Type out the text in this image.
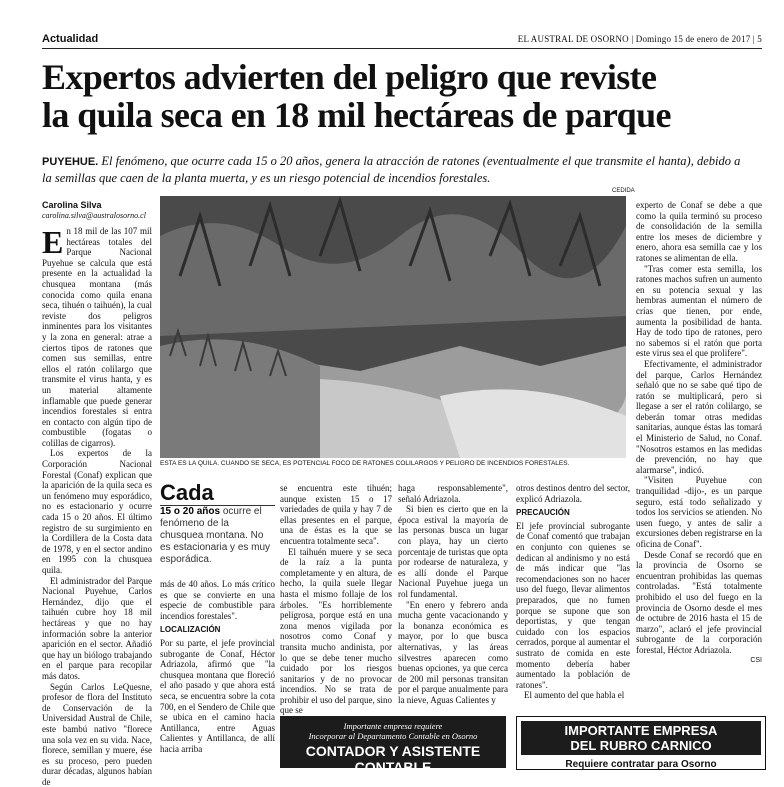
Actualidad	EL AUSTRAL DE OSORNO | Domingo 15 de enero de 2017 | 5
Expertos advierten del peligro que reviste
la quila seca en 18 mil hectáreas de parque
PUYEHUE. El fenómeno, que ocurre cada 15 o 20 años, genera la atracción de ratones (eventualmente el que transmite el hanta), debido a la semillas que caen de la planta muerta, y es un riesgo potencial de incendios forestales.
Carolina Silva
carolina.silva@australosorno.cl
CEDIDA
ESTA ES LA QUILA. CUANDO SE SECA, ES POTENCIAL FOCO DE RATONES COLILARGOS Y PELIGRO DE INCENDIOS FORESTALES.

En 18 mil de las 107 mil hectáreas totales del Parque Nacional Puyehue se calcula que está presente en la actualidad la chusquea montana (más conocida como quila enana seca, tihuén o taihuén), la cual reviste dos peligros inminentes para los visitantes y la zona en general: atrae a ciertos tipos de ratones que comen sus semillas, entre ellos el ratón colilargo que transmite el virus hanta, y es un material altamente inflamable que puede generar incendios forestales si entra en contacto con algún tipo de combustible (fogatas o colillas de cigarros).

Los expertos de la Corporación Nacional Forestal (Conaf) explican que la aparición de la quila seca es un fenómeno muy esporádico, no es estacionario y ocurre cada 15 o 20 años. El último registro de su surgimiento en la Cordillera de la Costa data de 1978, y en el sector andino en 1995 con la chusquea quila.

El administrador del Parque Nacional Puyehue, Carlos Hernández, dijo que el taihuén cubre hoy 18 mil hectáreas y que no hay información sobre la anterior aparición en el sector. Añadió que hay un biólogo trabajando en el parque para recopilar más datos.

Según Carlos LeQuesne, profesor de flora del Instituto de Conservación de la Universidad Austral de Chile, este bambú nativo "florece una sola vez en su vida. Nace, florece, semillan y muere, ése es su proceso, pero pueden durar décadas, algunos habían de

Cada
15 o 20 años ocurre el fenómeno de la chusquea montana. No es estacionaria y es muy esporádica.

más de 40 años. Lo más crítico es que se convierte en una especie de combustible para incendios forestales".

LOCALIZACIÓN

Por su parte, el jefe provincial subrogante de Conaf, Héctor Adriazola, afirmó que "la chusquea montana que floreció el año pasado y que ahora está seca, se encuentra sobre la cota 700, en el Sendero de Chile que se ubica en el camino hacia Antillanca, entre Aguas Calientes y Antillanca, de allí hacia arriba

se encuentra este tihuén; aunque existen 15 o 17 variedades de quila y hay 7 de ellas presentes en el parque, una de éstas es la que se encuentra totalmente seca".

El taihuén muere y se seca de la raíz a la punta completamente y en altura, de hecho, la quila suele llegar hasta el mismo follaje de los árboles. "Es horriblemente peligrosa, porque está en una zona menos vigilada por nosotros como Conaf y transita mucho andinista, por lo que se debe tener mucho cuidado por los riesgos sanitarios y de no provocar incendios. No se trata de prohibir el uso del parque, sino que se

haga responsablemente", señaló Adriazola.

Si bien es cierto que en la época estival la mayoría de las personas busca un lugar con playa, hay un cierto porcentaje de turistas que opta por rodearse de naturaleza, y es allí donde el Parque Nacional Puyehue juega un rol fundamental.

"En enero y febrero anda mucha gente vacacionando y la bonanza económica es mayor, por lo que busca alternativas, y las áreas silvestres aparecen como buenas opciones, ya que cerca de 200 mil personas transitan por el parque anualmente para la nieve, Aguas Calientes y

otros destinos dentro del sector, explicó Adriazola.

PRECAUCIÓN

El jefe provincial subrogante de Conaf comentó que trabajan en conjunto con quienes se dedican al andinismo y no está de más indicar que "las recomendaciones son no hacer uso del fuego, llevar alimentos preparados, que no fumen porque se supone que son deportistas, y que tengan cuidado con los espacios cerrados, porque al aumentar el sustrato de comida en este momento debería haber aumentado la población de ratones".

El aumento del que habla el

experto de Conaf se debe a que como la quila terminó su proceso de consolidación de la semilla entre los meses de diciembre y enero, ahora esa semilla cae y los ratones se alimentan de ella.

"Tras comer esta semilla, los ratones machos sufren un aumento en su potencia sexual y las hembras aumentan el número de crías que tienen, por ende, aumenta la posibilidad de hanta. Hay de todo tipo de ratones, pero no sabemos si el ratón que porta este virus sea el que prolifere".

Efectivamente, el administrador del parque, Carlos Hernández señaló que no se sabe qué tipo de ratón se multiplicará, pero si llegase a ser el ratón colilargo, se deberán tomar otras medidas sanitarias, aunque éstas las tomará el Ministerio de Salud, no Conaf. "Nosotros estamos en las medidas de prevención, no hay que alarmarse", indicó.

"Visiten Puyehue con tranquilidad -dijo-, es un parque seguro, está todo señalizado y todos los servicios se atienden. No usen fuego, y antes de salir a excursiones deben registrarse en la oficina de Conaf".

Desde Conaf se recordó que en la provincia de Osorno se encuentran prohibidas las quemas controladas. "Está totalmente prohibido el uso del fuego en la provincia de Osorno desde el mes de octubre de 2016 hasta el 15 de marzo", aclaró el jefe provincial subrogante de la corporación forestal, Héctor Adriazola.

CSI
Importante empresa requiere
Incorporar al Departamento Contable en Osorno
CONTADOR Y ASISTENTE CONTABLE
IMPORTANTE EMPRESA
DEL RUBRO CARNICO
Requiere contratar para Osorno
